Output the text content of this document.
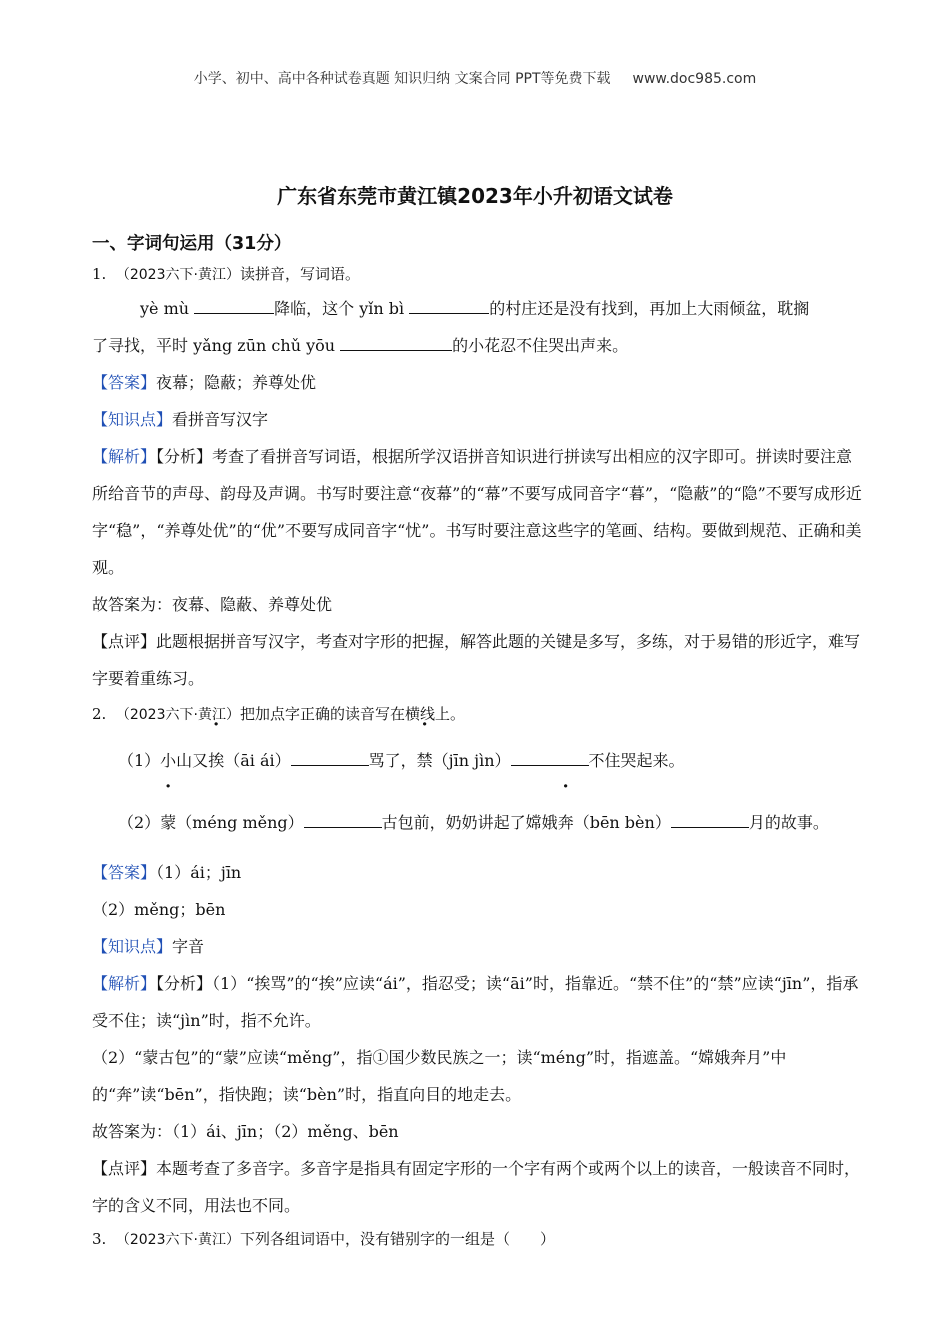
小学、初中、高中各种试卷真题 知识归纳 文案合同 PPT等免费下载 www.doc985.com
广东省东莞市黄江镇2023年小升初语文试卷
一、字词句运用（31分）
1. （2023六下·黄江）读拼音，写词语。

yè mù	降临，这个 yǐn bì	的村庄还是没有找到，再加上大雨倾盆，耽搁

了寻找，平时 yǎng zūn chǔ yōu	的小花忍不住哭出声来。

【答案】夜幕；隐蔽；养尊处优

【知识点】看拼音写汉字

【解析】【分析】考查了看拼音写词语，根据所学汉语拼音知识进行拼读写出相应的汉字即可。拼读时要注意所给音节的声母、韵母及声调。书写时要注意“夜幕”的“幕”不要写成同音字“暮”，“隐蔽”的“隐”不要写成形近字“稳”，“养尊处优”的“优”不要写成同音字“忧”。书写时要注意这些字的笔画、结构。要做到规范、正确和美观。

故答案为：夜幕、隐蔽、养尊处优

【点评】此题根据拼音写汉字，考查对字形的把握，解答此题的关键是多写，多练，对于易错的形近字，难写字要着重练习。

2. （2023六下·黄江）把加点字正确的读音写在横线上。

（1）小山又挨（āi ái）	骂了，禁（jīn jìn）	不住哭起来。

（2）蒙（méng měng）	古包前，奶奶讲起了嫦娥奔（bēn bèn）	月的故事。

【答案】（1）ái；jīn

（2）měng；bēn

【知识点】字音

【解析】【分析】（1）“挨骂”的“挨”应读“ái”，指忍受；读“āi”时，指靠近。“禁不住”的“禁”应读“jīn”，指承受不住；读“jìn”时，指不允许。

（2）“蒙古包”的“蒙”应读“měng”，指①国少数民族之一；读“méng”时，指遮盖。“嫦娥奔月”中的“奔”读“bēn”，指快跑；读“bèn”时，指直向目的地走去。

故答案为：（1）ái、jīn；（2）měng、bēn

【点评】本题考查了多音字。多音字是指具有固定字形的一个字有两个或两个以上的读音，一般读音不同时，字的含义不同，用法也不同。

3. （2023六下·黄江）下列各组词语中，没有错别字的一组是（　　）
